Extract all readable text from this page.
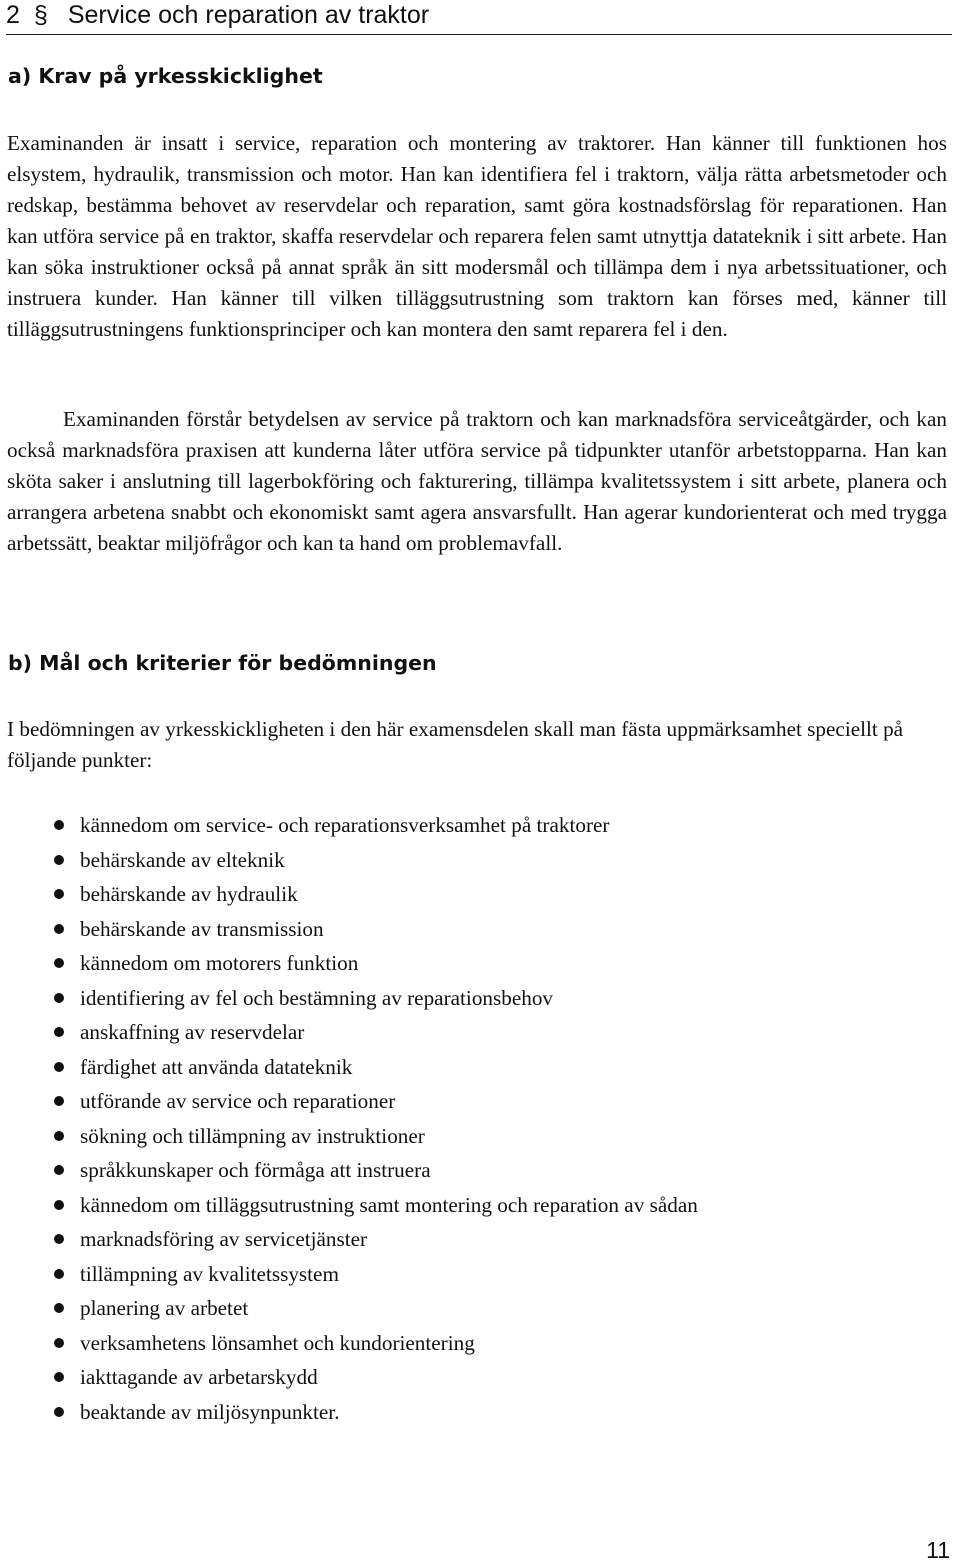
2 § Service och reparation av traktor
a) Krav på yrkesskicklighet

Examinanden är insatt i service, reparation och montering av traktorer. Han känner till funktionen hos elsystem, hydraulik, transmission och motor. Han kan identifiera fel i traktorn, välja rätta arbetsmetoder och redskap, bestämma behovet av reservdelar och reparation, samt göra kostnadsförslag för reparationen. Han kan utföra service på en traktor, skaffa reservdelar och reparera felen samt utnyttja datateknik i sitt arbete. Han kan söka instruktioner också på annat språk än sitt modersmål och tillämpa dem i nya arbetssituationer, och instruera kunder. Han känner till vilken tilläggsutrustning som traktorn kan förses med, känner till tilläggsutrustningens funktionsprinciper och kan montera den samt reparera fel i den.

Examinanden förstår betydelsen av service på traktorn och kan marknadsföra serviceåtgärder, och kan också marknadsföra praxisen att kunderna låter utföra service på tidpunkter utanför arbetstopparna. Han kan sköta saker i anslutning till lagerbokföring och fakturering, tillämpa kvalitetssystem i sitt arbete, planera och arrangera arbetena snabbt och ekonomiskt samt agera ansvarsfullt. Han agerar kundorienterat och med trygga arbetssätt, beaktar miljöfrågor och kan ta hand om problemavfall.

b) Mål och kriterier för bedömningen

I bedömningen av yrkesskickligheten i den här examensdelen skall man fästa uppmärksamhet speciellt på följande punkter:

kännedom om service- och reparationsverksamhet på traktorer
behärskande av elteknik
behärskande av hydraulik
behärskande av transmission
kännedom om motorers funktion
identifiering av fel och bestämning av reparationsbehov
anskaffning av reservdelar
färdighet att använda datateknik
utförande av service och reparationer
sökning och tillämpning av instruktioner
språkkunskaper och förmåga att instruera
kännedom om tilläggsutrustning samt montering och reparation av sådan
marknadsföring av servicetjänster
tillämpning av kvalitetssystem
planering av arbetet
verksamhetens lönsamhet och kundorientering
iakttagande av arbetarskydd
beaktande av miljösynpunkter.
11
